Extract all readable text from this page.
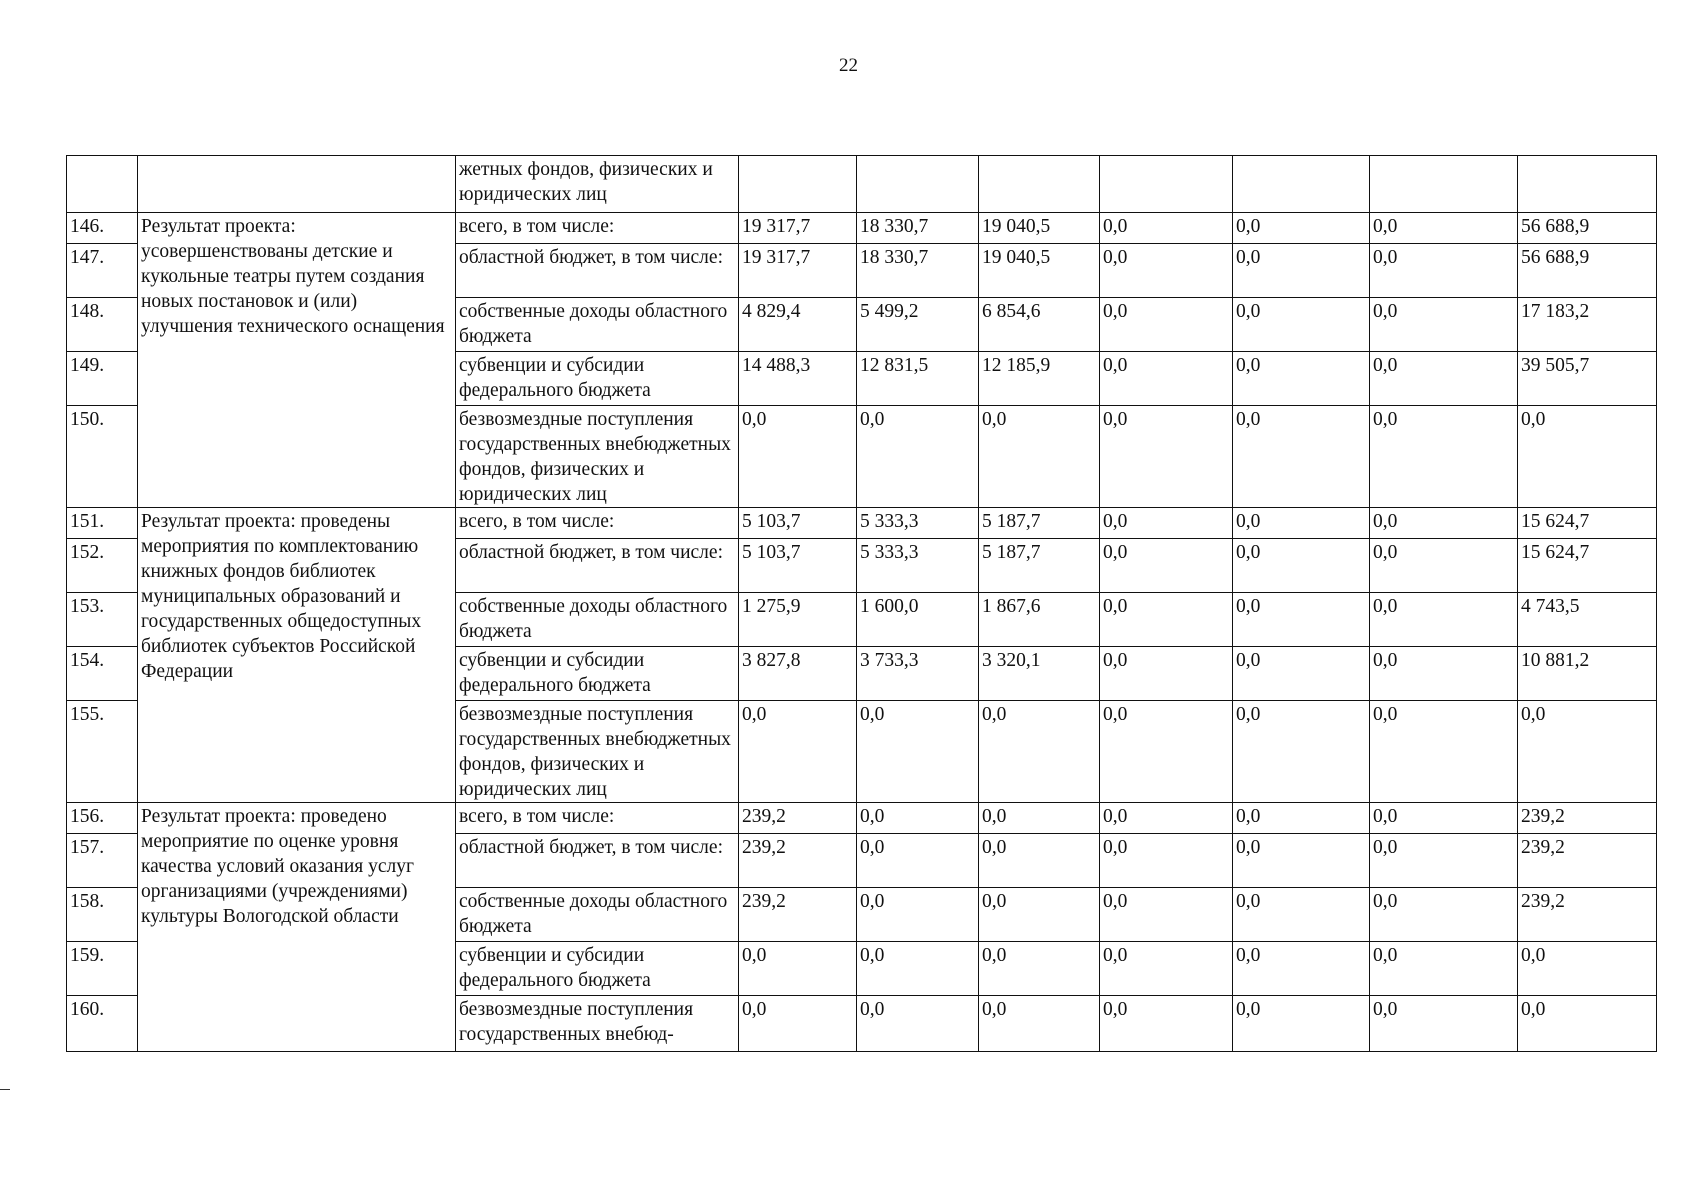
22
		жетных фондов, физических и юридических лиц							
146.	Результат проекта: усовершенствованы детские и кукольные театры путем создания новых постановок и (или) улучшения технического оснащения	всего, в том числе:	19 317,7	18 330,7	19 040,5	0,0	0,0	0,0	56 688,9
147.		областной бюджет, в том числе:	19 317,7	18 330,7	19 040,5	0,0	0,0	0,0	56 688,9
148.		собственные доходы областного бюджета	4 829,4	5 499,2	6 854,6	0,0	0,0	0,0	17 183,2
149.		субвенции и субсидии федерального бюджета	14 488,3	12 831,5	12 185,9	0,0	0,0	0,0	39 505,7
150.		безвозмездные поступления государственных внебюджетных фондов, физических и юридических лиц	0,0	0,0	0,0	0,0	0,0	0,0	0,0
151.	Результат проекта: проведены мероприятия по комплектованию книжных фондов библиотек муниципальных образований и государственных общедоступных библиотек субъектов Российской Федерации	всего, в том числе:	5 103,7	5 333,3	5 187,7	0,0	0,0	0,0	15 624,7
152.		областной бюджет, в том числе:	5 103,7	5 333,3	5 187,7	0,0	0,0	0,0	15 624,7
153.		собственные доходы областного бюджета	1 275,9	1 600,0	1 867,6	0,0	0,0	0,0	4 743,5
154.		субвенции и субсидии федерального бюджета	3 827,8	3 733,3	3 320,1	0,0	0,0	0,0	10 881,2
155.		безвозмездные поступления государственных внебюджетных фондов, физических и юридических лиц	0,0	0,0	0,0	0,0	0,0	0,0	0,0
156.	Результат проекта: проведено мероприятие по оценке уровня качества условий оказания услуг организациями (учреждениями) культуры Вологодской области	всего, в том числе:	239,2	0,0	0,0	0,0	0,0	0,0	239,2
157.		областной бюджет, в том числе:	239,2	0,0	0,0	0,0	0,0	0,0	239,2
158.		собственные доходы областного бюджета	239,2	0,0	0,0	0,0	0,0	0,0	239,2
159.		субвенции и субсидии федерального бюджета	0,0	0,0	0,0	0,0	0,0	0,0	0,0
160.		безвозмездные поступления государственных внебюд-	0,0	0,0	0,0	0,0	0,0	0,0	0,0
